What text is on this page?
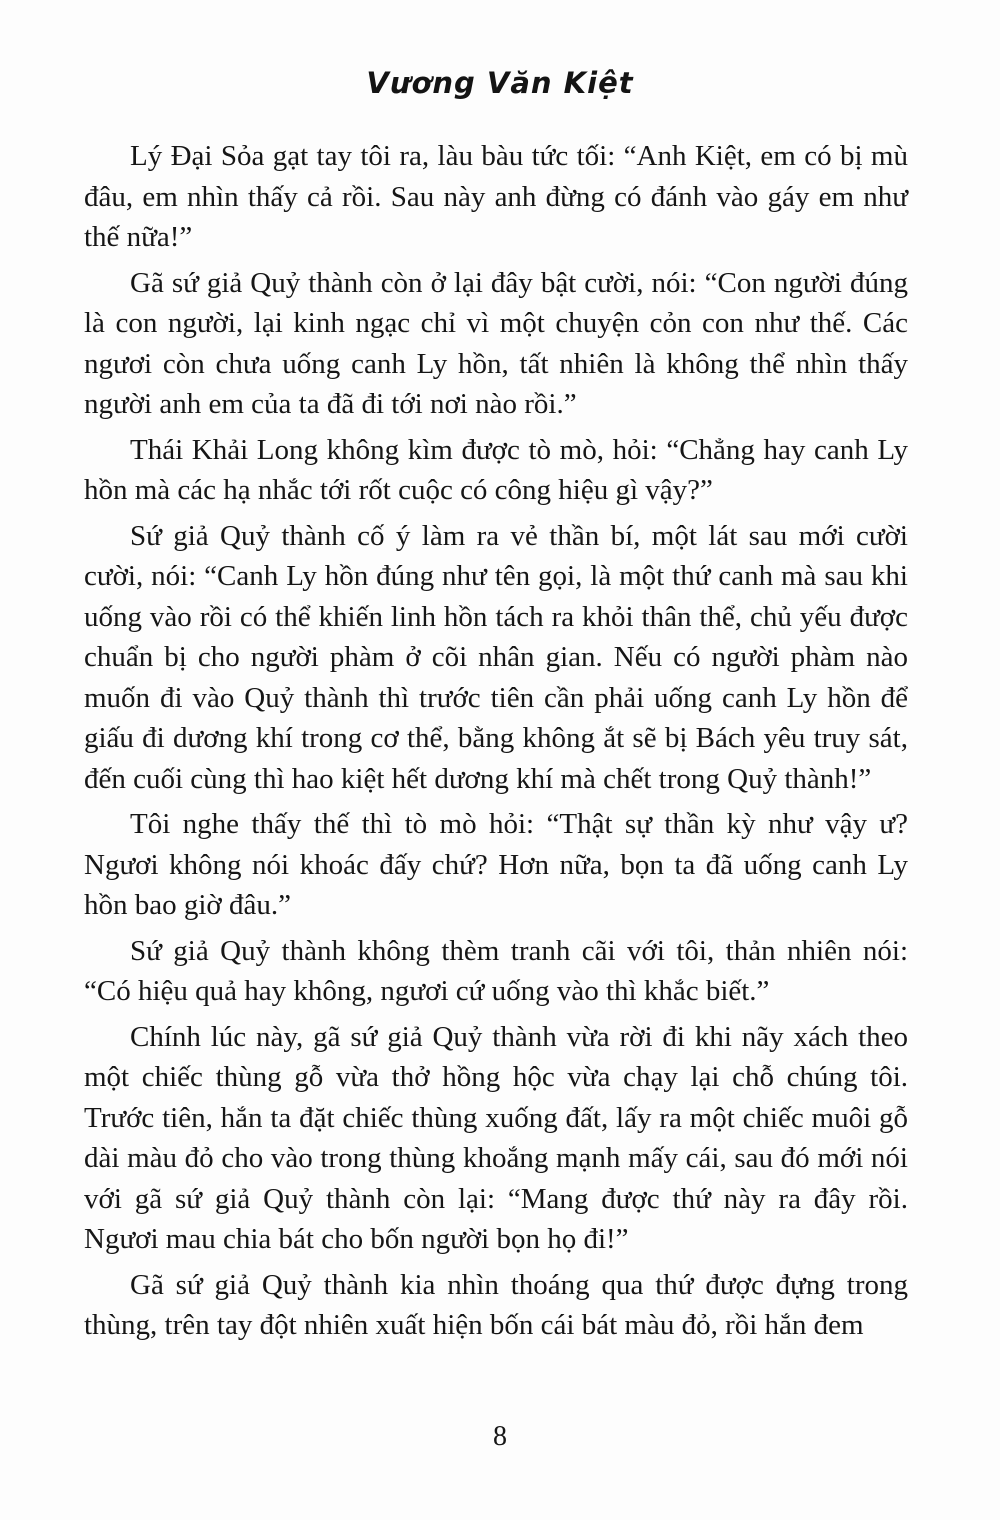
Vương Văn Kiệt

Lý Đại Sỏa gạt tay tôi ra, làu bàu tức tối: “Anh Kiệt, em có bị mù đâu, em nhìn thấy cả rồi. Sau này anh đừng có đánh vào gáy em như thế nữa!”

Gã sứ giả Quỷ thành còn ở lại đây bật cười, nói: “Con người đúng là con người, lại kinh ngạc chỉ vì một chuyện cỏn con như thế. Các ngươi còn chưa uống canh Ly hồn, tất nhiên là không thể nhìn thấy người anh em của ta đã đi tới nơi nào rồi.”

Thái Khải Long không kìm được tò mò, hỏi: “Chẳng hay canh Ly hồn mà các hạ nhắc tới rốt cuộc có công hiệu gì vậy?”

Sứ giả Quỷ thành cố ý làm ra vẻ thần bí, một lát sau mới cười cười, nói: “Canh Ly hồn đúng như tên gọi, là một thứ canh mà sau khi uống vào rồi có thể khiến linh hồn tách ra khỏi thân thể, chủ yếu được chuẩn bị cho người phàm ở cõi nhân gian. Nếu có người phàm nào muốn đi vào Quỷ thành thì trước tiên cần phải uống canh Ly hồn để giấu đi dương khí trong cơ thể, bằng không ắt sẽ bị Bách yêu truy sát, đến cuối cùng thì hao kiệt hết dương khí mà chết trong Quỷ thành!”

Tôi nghe thấy thế thì tò mò hỏi: “Thật sự thần kỳ như vậy ư? Ngươi không nói khoác đấy chứ? Hơn nữa, bọn ta đã uống canh Ly hồn bao giờ đâu.”

Sứ giả Quỷ thành không thèm tranh cãi với tôi, thản nhiên nói: “Có hiệu quả hay không, ngươi cứ uống vào thì khắc biết.”

Chính lúc này, gã sứ giả Quỷ thành vừa rời đi khi nãy xách theo một chiếc thùng gỗ vừa thở hồng hộc vừa chạy lại chỗ chúng tôi. Trước tiên, hắn ta đặt chiếc thùng xuống đất, lấy ra một chiếc muôi gỗ dài màu đỏ cho vào trong thùng khoắng mạnh mấy cái, sau đó mới nói với gã sứ giả Quỷ thành còn lại: “Mang được thứ này ra đây rồi. Ngươi mau chia bát cho bốn người bọn họ đi!”

Gã sứ giả Quỷ thành kia nhìn thoáng qua thứ được đựng trong thùng, trên tay đột nhiên xuất hiện bốn cái bát màu đỏ, rồi hắn đem

8
